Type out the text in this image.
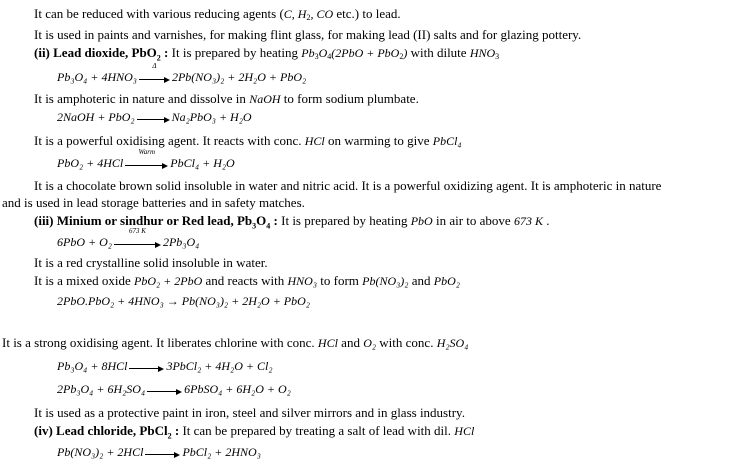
It can be reduced with various reducing agents (C, $H_2$, CO etc.) to lead.
It is used in paints and varnishes, for making flint glass, for making lead (II) salts and for glazing pottery.
(ii) Lead dioxide, PbO$_2$ : It is prepared by heating $Pb_3O_4(2PbO + PbO_2)$ with dilute $HNO_3$
Pb₃O₄ + 4HNO₃
Δ
2Pb(NO₃)₂ + 2H₂O + PbO₂
It is amphoteric in nature and dissolve in NaOH to form sodium plumbate.
2NaOH + PbO₂	Na₂PbO₃ + H₂O
It is a powerful oxidising agent. It reacts with conc. HCl on warming to give PbCl₄
PbO₂ + 4HCl
Warm
PbCl₄ + H₂O
It is a chocolate brown solid insoluble in water and nitric acid. It is a powerful oxidizing agent. It is amphoteric in nature
and is used in lead storage batteries and in safety matches.
(iii) Minium or sindhur or Red lead, $Pb_3O_4$ : It is prepared by heating PbO in air to above 673 K .
6PbO + O₂
673 K
2Pb₃O₄
It is a red crystalline solid insoluble in water.
It is a mixed oxide PbO₂ + 2PbO and reacts with HNO₃ to form Pb(NO₃)₂ and PbO₂
2PbO.PbO₂ + 4HNO₃ → Pb(NO₃)₂ + 2H₂O + PbO₂
It is a strong oxidising agent. It liberates chlorine with conc. HCl and O₂ with conc. H₂SO₄
Pb₃O₄ + 8HCl	3PbCl₂ + 4H₂O + Cl₂
2Pb₃O₄ + 6H₂SO₄	6PbSO₄ + 6H₂O + O₂
It is used as a protective paint in iron, steel and silver mirrors and in glass industry.
(iv) Lead chloride, PbCl$_2$ : It can be prepared by treating a salt of lead with dil. HCl
Pb(NO₃)₂ + 2HCl	PbCl₂ + 2HNO₃
